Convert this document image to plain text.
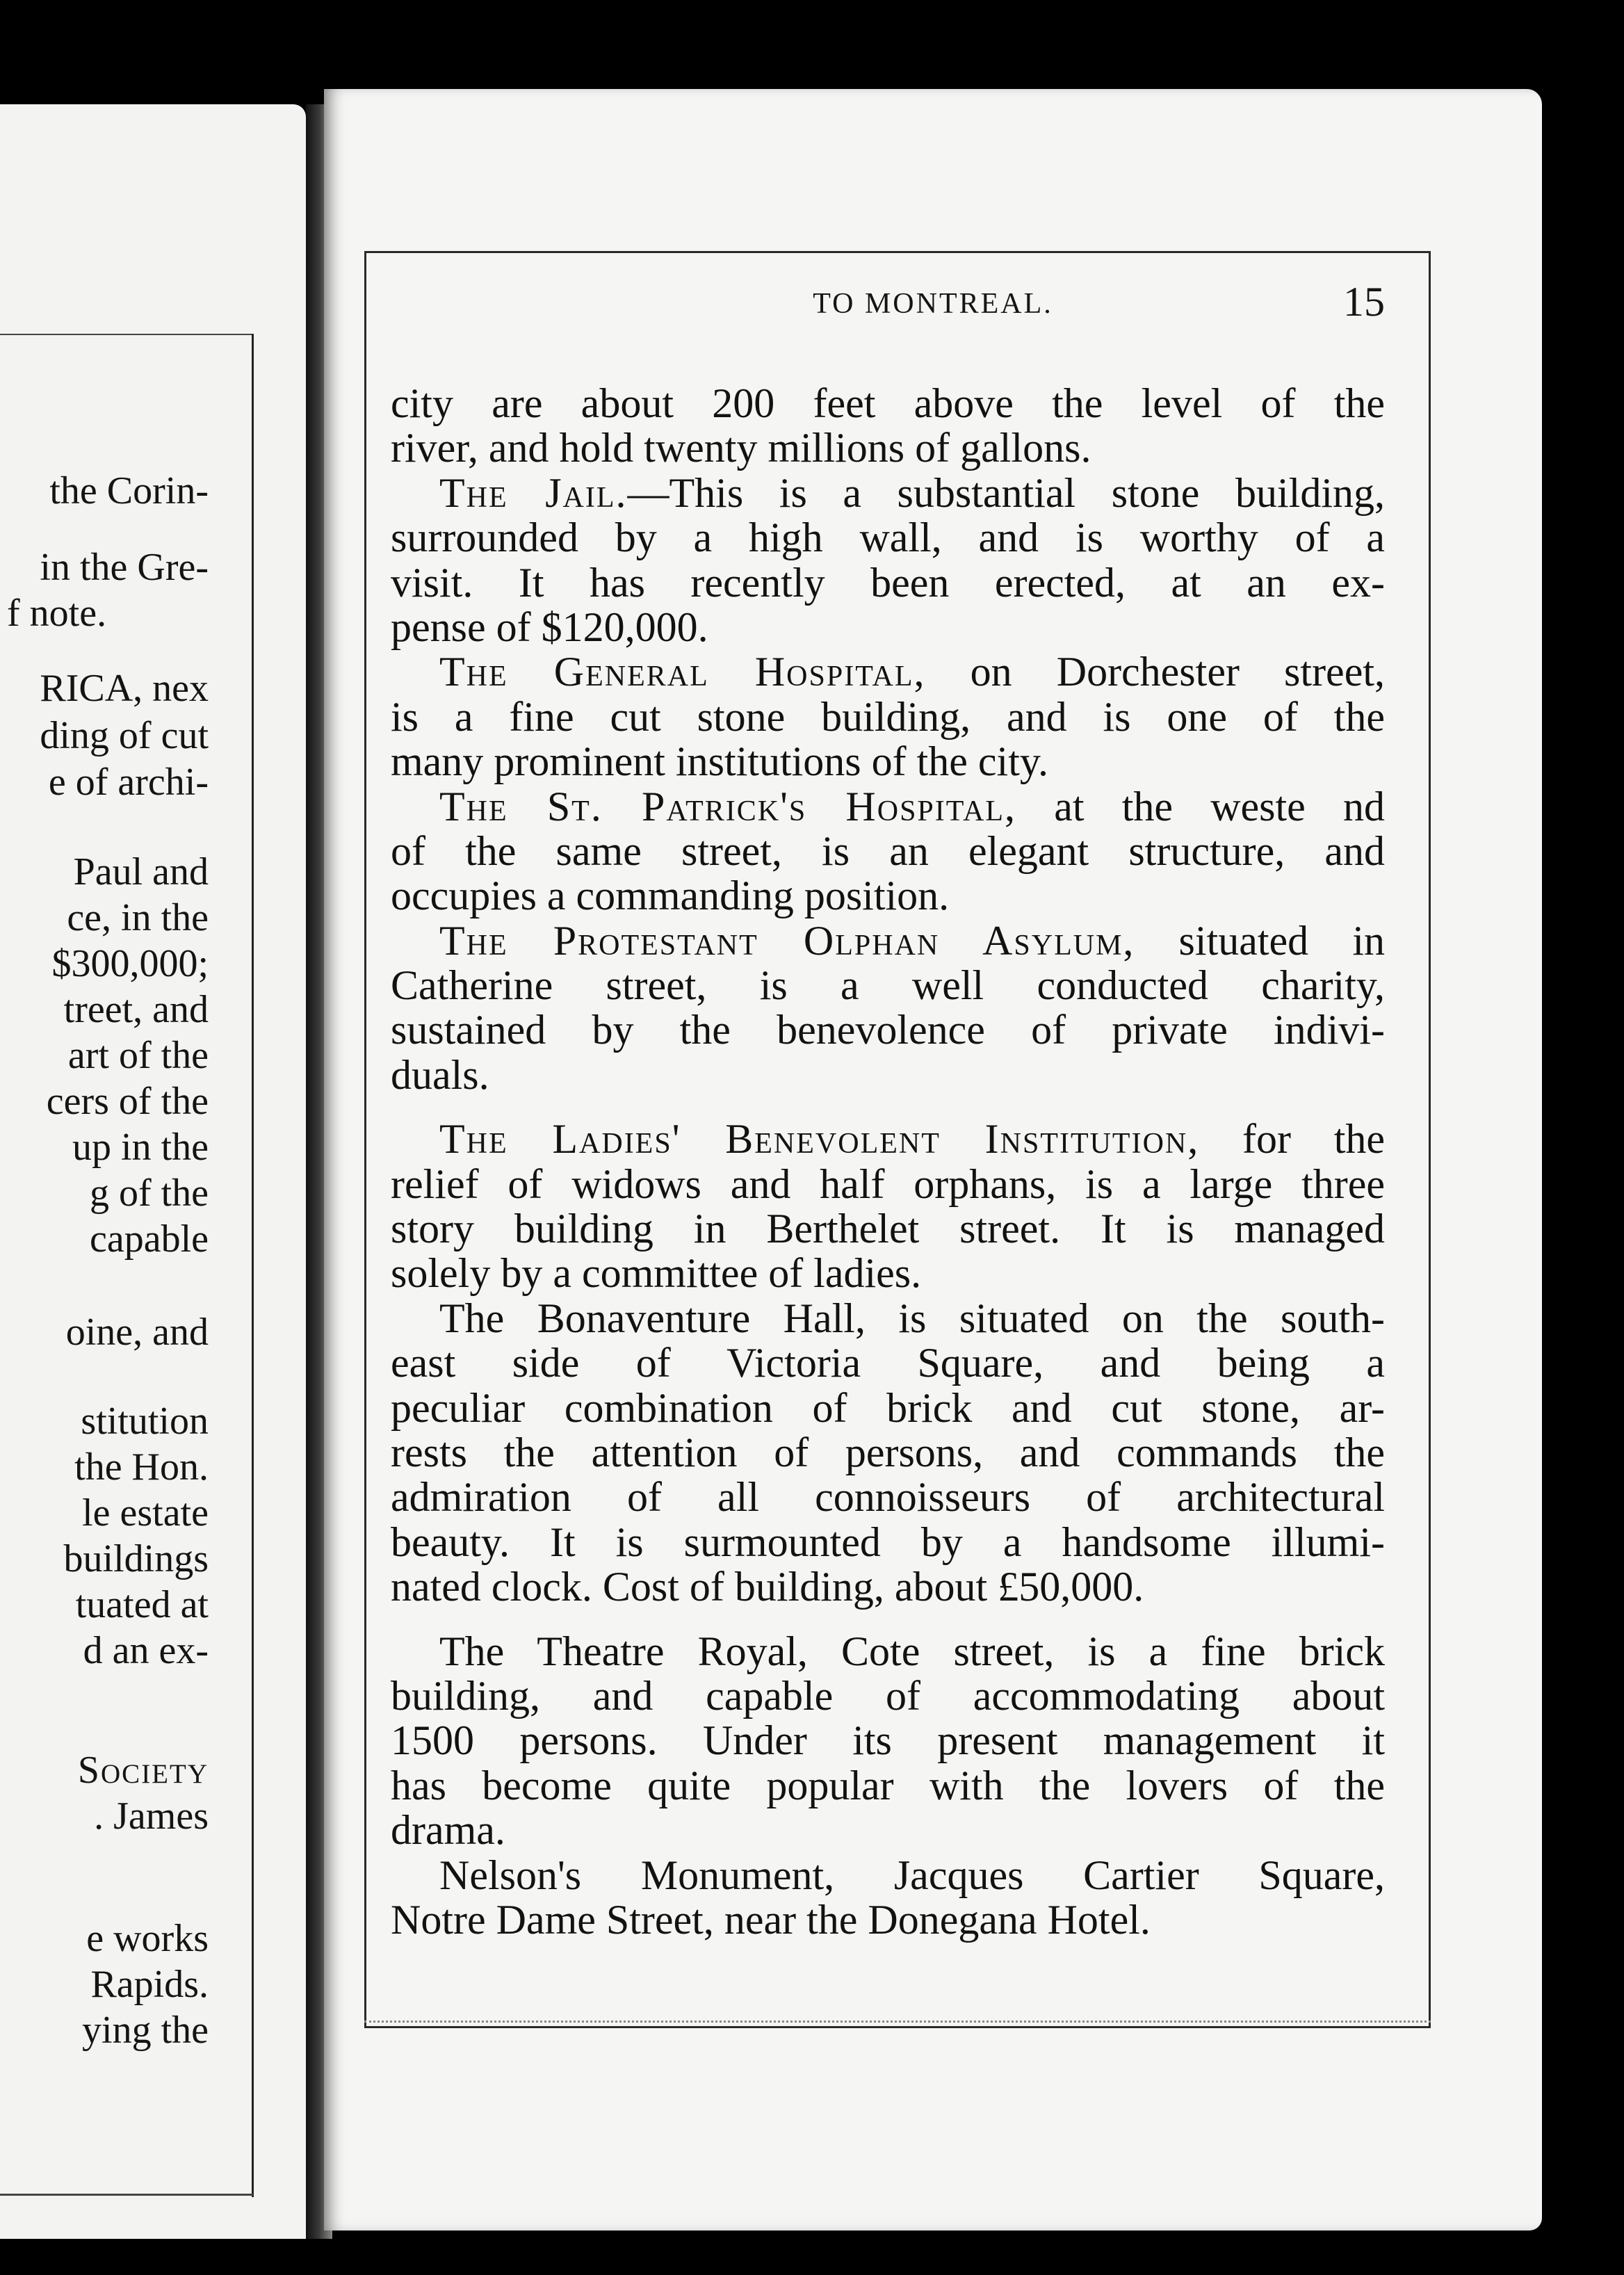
the Corin-
in the Gre-
f note.
RICA, nex
ding of cut
e of archi-
Paul and
ce, in the
$300,000;
treet, and
art of the
cers of the
up in the
g of the
capable
oine, and
stitution
the Hon.
le estate
buildings
tuated at
d an ex-
Society
. James
e works
Rapids.
ying the
TO MONTREAL.	15
city are about 200 feet above the level of the
river, and hold twenty millions of gallons.
The Jail.—This is a substantial stone building,
surrounded by a high wall, and is worthy of a
visit. It has recently been erected, at an ex-
pense of $120,000.
The General Hospital, on Dorchester street,
is a fine cut stone building, and is one of the
many prominent institutions of the city.
The St. Patrick's Hospital, at the weste nd
of the same street, is an elegant structure, and
occupies a commanding position.
The Protestant Olphan Asylum, situated in
Catherine street, is a well conducted charity,
sustained by the benevolence of private indivi-
duals.
The Ladies' Benevolent Institution, for the
relief of widows and half orphans, is a large three
story building in Berthelet street. It is managed
solely by a committee of ladies.
The Bonaventure Hall, is situated on the south-
east side of Victoria Square, and being a
peculiar combination of brick and cut stone, ar-
rests the attention of persons, and commands the
admiration of all connoisseurs of architectural
beauty. It is surmounted by a handsome illumi-
nated clock. Cost of building, about £50,000.
The Theatre Royal, Cote street, is a fine brick
building, and capable of accommodating about
1500 persons. Under its present management it
has become quite popular with the lovers of the
drama.
Nelson's Monument, Jacques Cartier Square,
Notre Dame Street, near the Donegana Hotel.
